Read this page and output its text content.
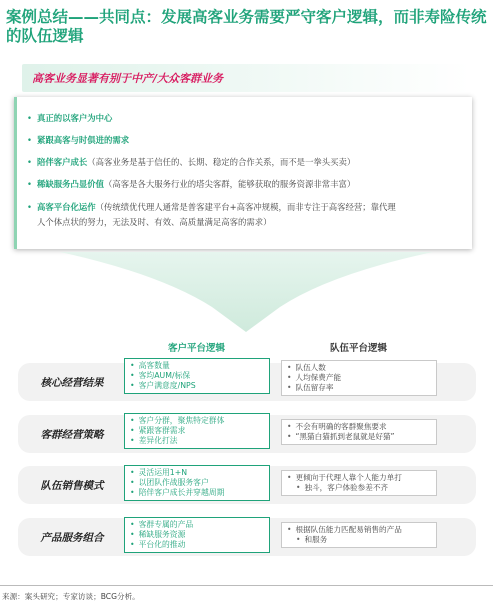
案例总结——共同点：发展高客业务需要严守客户逻辑，而非寿险传统的队伍逻辑
高客业务显著有别于中产/大众客群业务
• 真正的以客户为中心
• 紧跟高客与时俱进的需求
• 陪伴客户成长（高客业务是基于信任的、长期、稳定的合作关系，而不是一拳头买卖）
• 稀缺服务凸显价值（高客是各大服务行业的塔尖客群，能够获取的服务资源非常丰富）
• 高客平台化运作（传统绩优代理人通常是普客建平台+高客冲规模，而非专注于高客经营；靠代理
人个体点状的努力，无法及时、有效、高质量满足高客的需求）
客户平台逻辑	队伍平台逻辑
核心经营结果
• 高客数量
• 客均AUM/标保
• 客户满意度/NPS
• 队伍人数
• 人均保费产能
• 队伍留存率
客群经营策略
• 客户分群，聚焦特定群体
• 紧跟客群需求
• 差异化打法
• 不会有明确的客群聚焦要求
• “黑猫白猫抓到老鼠就是好猫”
队伍销售模式
• 灵活运用1+N
• 以团队作战服务客户
• 陪伴客户成长并穿越周期
• 更倾向于代理人靠个人能力单打
• 独斗，客户体验参差不齐
产品服务组合
• 客群专属的产品
• 稀缺服务资源
• 平台化的推动
• 根据队伍能力匹配易销售的产品
• 和服务
来源：案头研究；专家访谈；BCG分析。
